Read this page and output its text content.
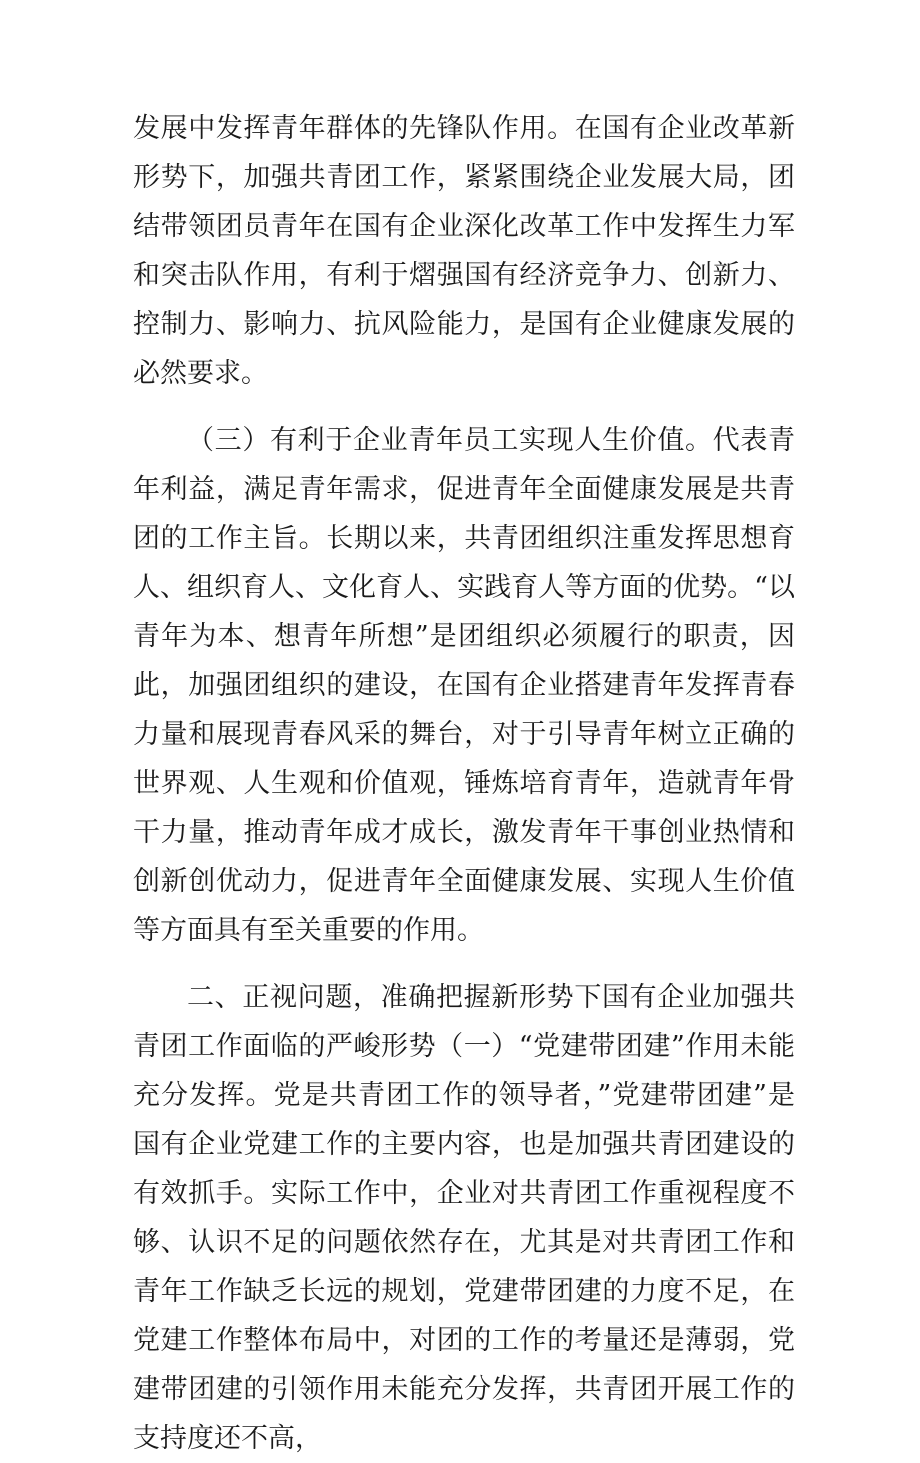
发展中发挥青年群体的先锋队作用。在国有企业改革新形势下，加强共青团工作，紧紧围绕企业发展大局，团结带领团员青年在国有企业深化改革工作中发挥生力军和突击队作用，有利于熠强国有经济竞争力、创新力、控制力、影响力、抗风险能力，是国有企业健康发展的必然要求。

（三）有利于企业青年员工实现人生价值。代表青年利益，满足青年需求，促进青年全面健康发展是共青团的工作主旨。长期以来，共青团组织注重发挥思想育人、组织育人、文化育人、实践育人等方面的优势。“以青年为本、想青年所想”是团组织必须履行的职责，因此，加强团组织的建设，在国有企业搭建青年发挥青春力量和展现青春风采的舞台，对于引导青年树立正确的世界观、人生观和价值观，锤炼培育青年，造就青年骨干力量，推动青年成才成长，激发青年干事创业热情和创新创优动力，促进青年全面健康发展、实现人生价值等方面具有至关重要的作用。

二、正视问题，准确把握新形势下国有企业加强共青团工作面临的严峻形势（一）“党建带团建”作用未能充分发挥。党是共青团工作的领导者，”党建带团建”是国有企业党建工作的主要内容，也是加强共青团建设的有效抓手。实际工作中，企业对共青团工作重视程度不够、认识不足的问题依然存在，尤其是对共青团工作和青年工作缺乏长远的规划，党建带团建的力度不足，在党建工作整体布局中，对团的工作的考量还是薄弱，党建带团建的引领作用未能充分发挥，共青团开展工作的支持度还不高，
